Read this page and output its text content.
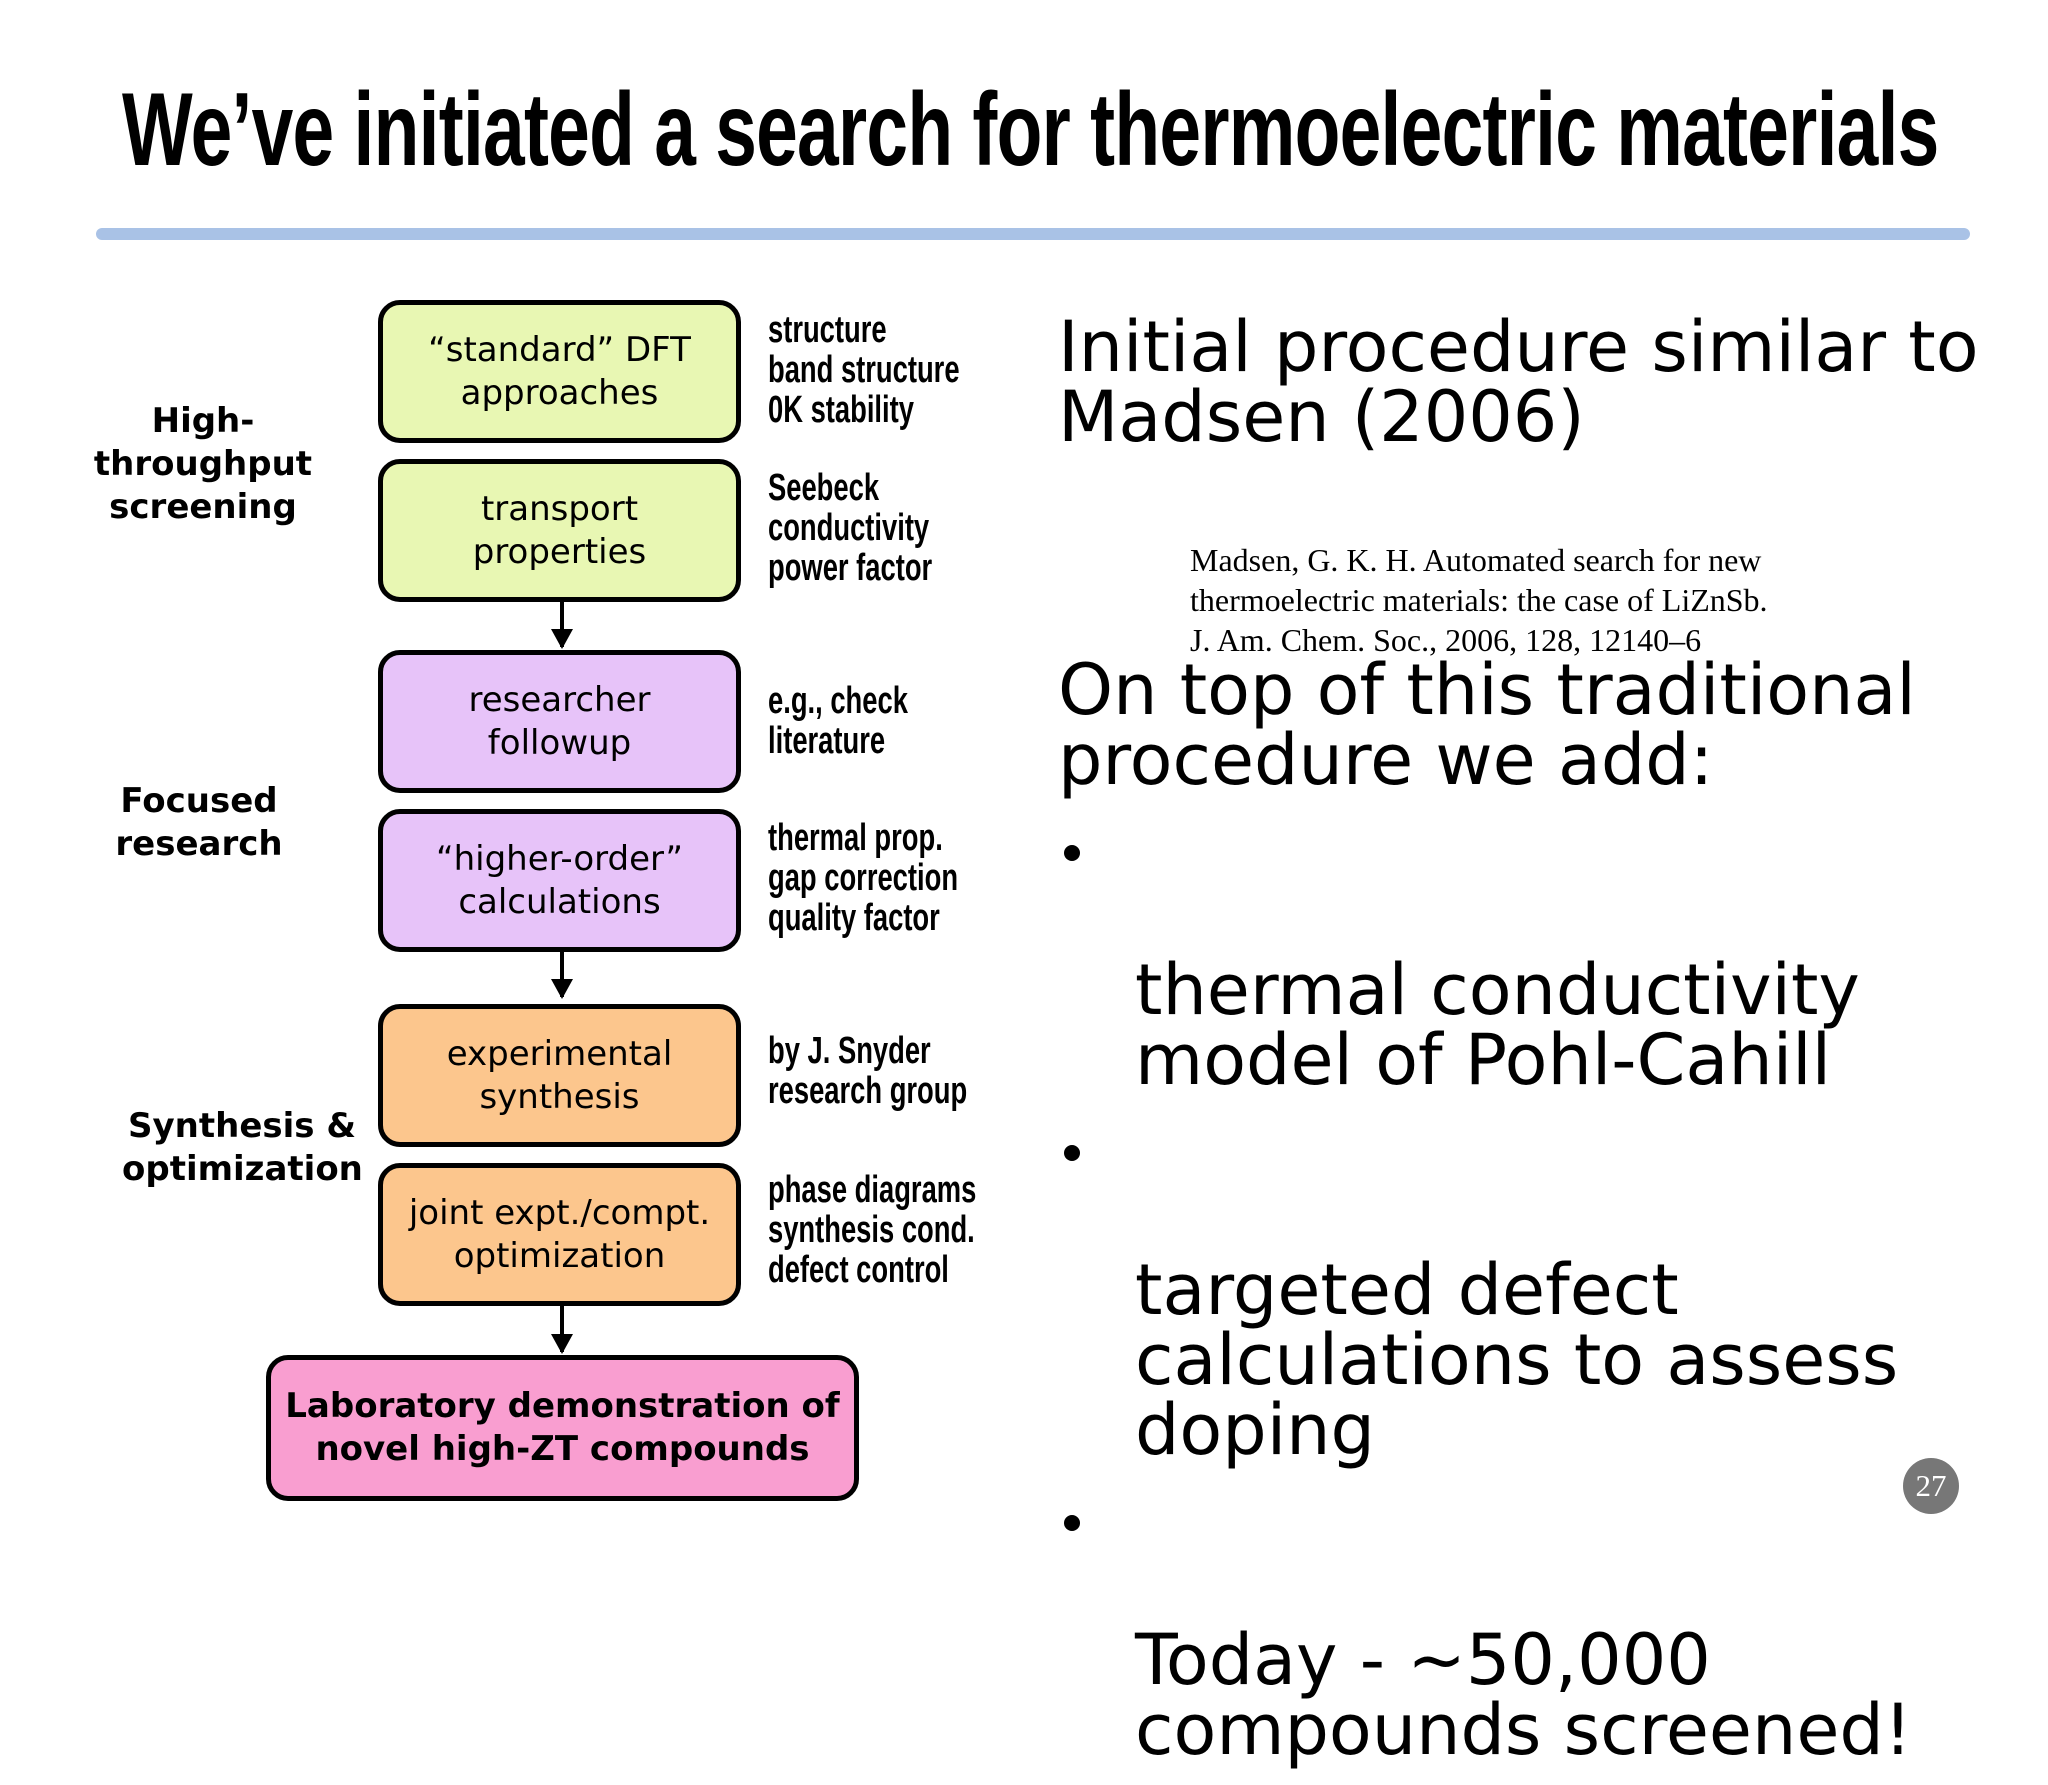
We’ve initiated a search for thermoelectric materials
High-throughput
screening
Focused research
Synthesis &
optimization
“standard” DFT
approaches
transport
properties
researcher
followup
“higher-order”
calculations
experimental
synthesis
joint expt./compt.
optimization
Laboratory demonstration of
novel high-ZT compounds
structure
band structure
0K stability
Seebeck
conductivity
power factor
e.g., check
literature
thermal prop.
gap correction
quality factor
by J. Snyder
research group
phase diagrams
synthesis cond.
defect control
Initial procedure similar to
Madsen (2006)
Madsen, G. K. H. Automated search for new
thermoelectric materials: the case of LiZnSb.
J. Am. Chem. Soc., 2006, 128, 12140–6
On top of this traditional
procedure we add:

thermal conductivity
model of Pohl-Cahill

targeted defect
calculations to assess
doping

Today - ~50,000
compounds screened!

27
